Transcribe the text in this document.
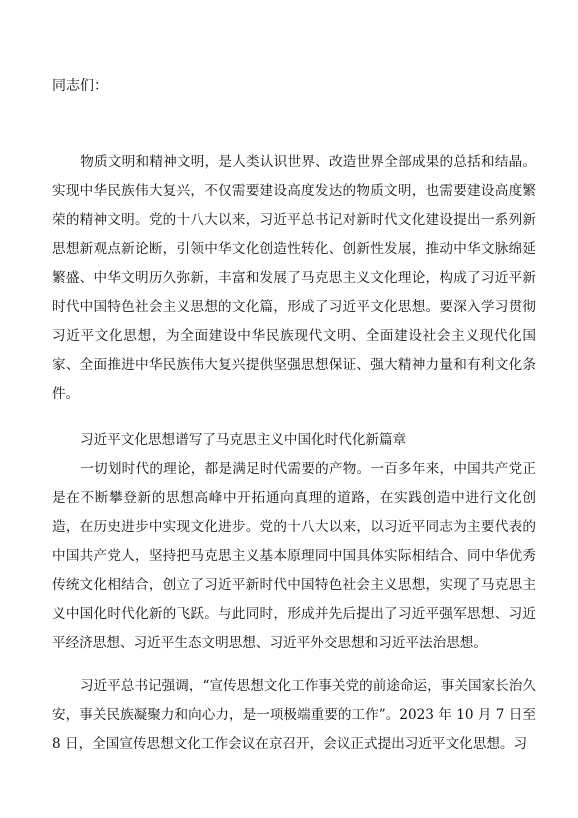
同志们：

物质文明和精神文明，是人类认识世界、改造世界全部成果的总括和结晶。实现中华民族伟大复兴，不仅需要建设高度发达的物质文明，也需要建设高度繁荣的精神文明。党的十八大以来，习近平总书记对新时代文化建设提出一系列新思想新观点新论断，引领中华文化创造性转化、创新性发展，推动中华文脉绵延繁盛、中华文明历久弥新，丰富和发展了马克思主义文化理论，构成了习近平新时代中国特色社会主义思想的文化篇，形成了习近平文化思想。要深入学习贯彻习近平文化思想，为全面建设中华民族现代文明、全面建设社会主义现代化国家、全面推进中华民族伟大复兴提供坚强思想保证、强大精神力量和有利文化条件。

习近平文化思想谱写了马克思主义中国化时代化新篇章

一切划时代的理论，都是满足时代需要的产物。一百多年来，中国共产党正是在不断攀登新的思想高峰中开拓通向真理的道路，在实践创造中进行文化创造，在历史进步中实现文化进步。党的十八大以来，以习近平同志为主要代表的中国共产党人，坚持把马克思主义基本原理同中国具体实际相结合、同中华优秀传统文化相结合，创立了习近平新时代中国特色社会主义思想，实现了马克思主义中国化时代化新的飞跃。与此同时，形成并先后提出了习近平强军思想、习近平经济思想、习近平生态文明思想、习近平外交思想和习近平法治思想。

习近平总书记强调，“宣传思想文化工作事关党的前途命运，事关国家长治久安，事关民族凝聚力和向心力，是一项极端重要的工作”。2023 年 10 月 7 日至 8 日，全国宣传思想文化工作会议在京召开，会议正式提出习近平文化思想。习
